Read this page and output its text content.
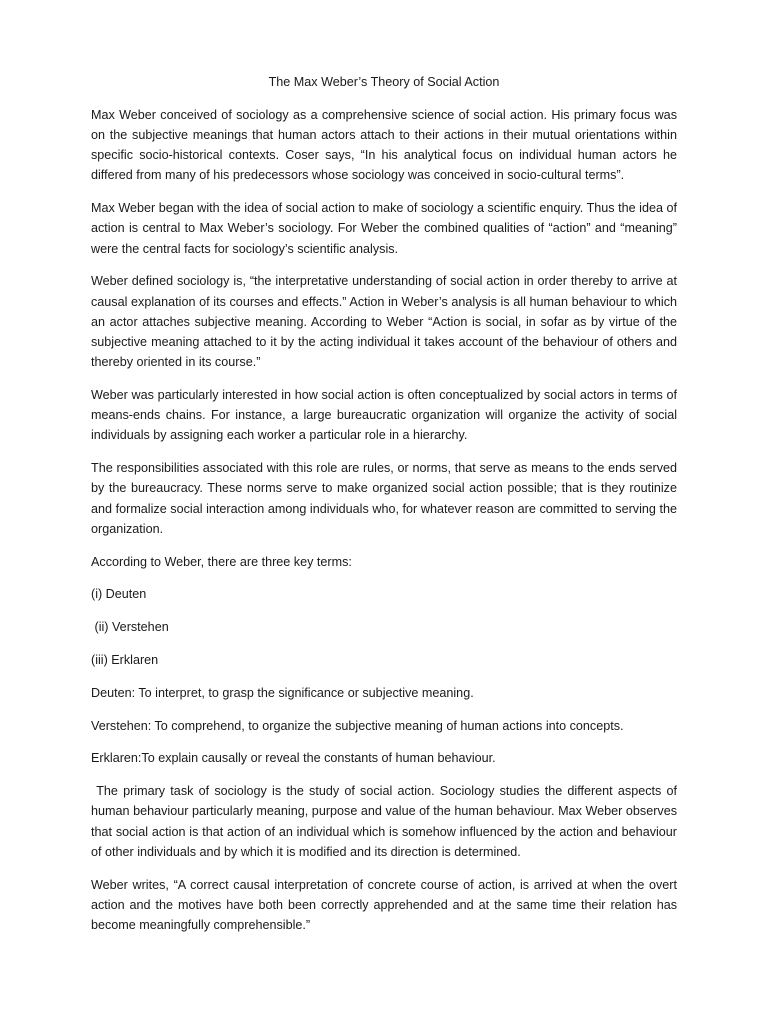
The Max Weber’s Theory of Social Action

Max Weber conceived of sociology as a comprehensive science of social action. His primary focus was on the subjective meanings that human actors attach to their actions in their mutual orientations within specific socio-historical contexts. Coser says, “In his analytical focus on individual human actors he differed from many of his predecessors whose sociology was conceived in socio-cultural terms”.

Max Weber began with the idea of social action to make of sociology a scientific enquiry. Thus the idea of action is central to Max Weber’s sociology. For Weber the combined qualities of “action” and “meaning” were the central facts for sociology’s scientific analysis.

Weber defined sociology is, “the interpretative understanding of social action in order thereby to arrive at causal explanation of its courses and effects.” Action in Weber’s analysis is all human behaviour to which an actor attaches subjective meaning. According to Weber “Action is social, in sofar as by virtue of the subjective meaning attached to it by the acting individual it takes account of the behaviour of others and thereby oriented in its course.”

Weber was particularly interested in how social action is often conceptualized by social actors in terms of means-ends chains. For instance, a large bureaucratic organization will organize the activity of social individuals by assigning each worker a particular role in a hierarchy.

The responsibilities associated with this role are rules, or norms, that serve as means to the ends served by the bureaucracy. These norms serve to make organized social action possible; that is they routinize and formalize social interaction among individuals who, for whatever reason are committed to serving the organization.

According to Weber, there are three key terms:

(i) Deuten

(ii) Verstehen

(iii) Erklaren

Deuten: To interpret, to grasp the significance or subjective meaning.

Verstehen: To comprehend, to organize the subjective meaning of human actions into concepts.

Erklaren:To explain causally or reveal the constants of human behaviour.

The primary task of sociology is the study of social action. Sociology studies the different aspects of human behaviour particularly meaning, purpose and value of the human behaviour. Max Weber observes that social action is that action of an individual which is somehow influenced by the action and behaviour of other individuals and by which it is modified and its direction is determined.

Weber writes, “A correct causal interpretation of concrete course of action, is arrived at when the overt action and the motives have both been correctly apprehended and at the same time their relation has become meaningfully comprehensible.”
